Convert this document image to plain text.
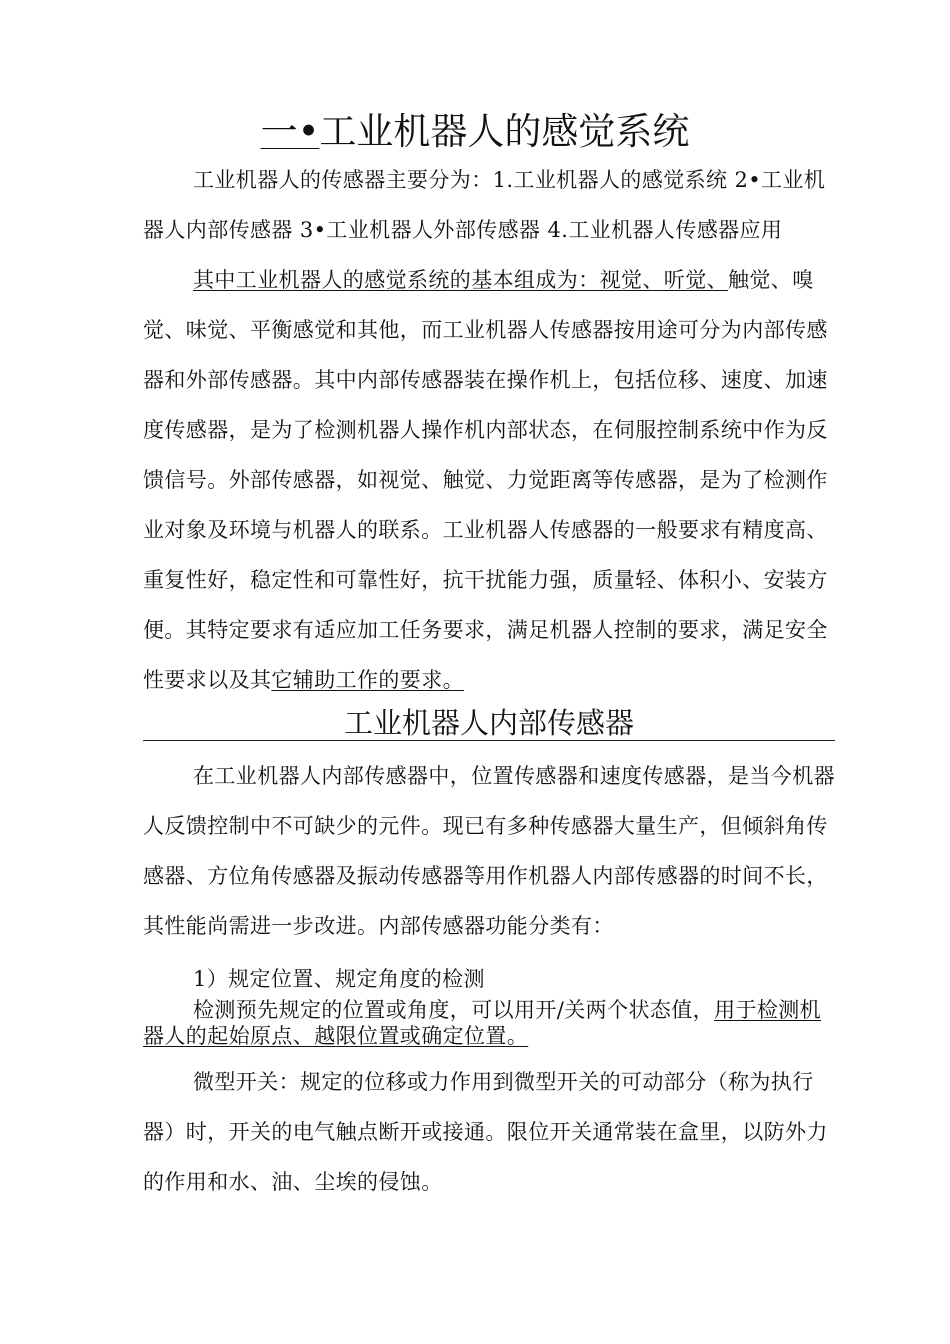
一•工业机器人的感觉系统

工业机器人的传感器主要分为：1.工业机器人的感觉系统 2•工业机器人内部传感器 3•工业机器人外部传感器 4.工业机器人传感器应用

其中工业机器人的感觉系统的基本组成为：视觉、听觉、触觉、嗅觉、味觉、平衡感觉和其他，而工业机器人传感器按用途可分为内部传感器和外部传感器。其中内部传感器装在操作机上，包括位移、速度、加速度传感器，是为了检测机器人操作机内部状态，在伺服控制系统中作为反馈信号。外部传感器，如视觉、触觉、力觉距离等传感器，是为了检测作业对象及环境与机器人的联系。工业机器人传感器的一般要求有精度高、重复性好，稳定性和可靠性好，抗干扰能力强，质量轻、体积小、安装方便。其特定要求有适应加工任务要求，满足机器人控制的要求，满足安全性要求以及其它辅助工作的要求。

工业机器人内部传感器

在工业机器人内部传感器中，位置传感器和速度传感器，是当今机器人反馈控制中不可缺少的元件。现已有多种传感器大量生产，但倾斜角传感器、方位角传感器及振动传感器等用作机器人内部传感器的时间不长，其性能尚需进一步改进。内部传感器功能分类有：

1）规定位置、规定角度的检测

检测预先规定的位置或角度，可以用开/关两个状态值，用于检测机器人的起始原点、越限位置或确定位置。

微型开关：规定的位移或力作用到微型开关的可动部分（称为执行器）时，开关的电气触点断开或接通。限位开关通常装在盒里，以防外力的作用和水、油、尘埃的侵蚀。
